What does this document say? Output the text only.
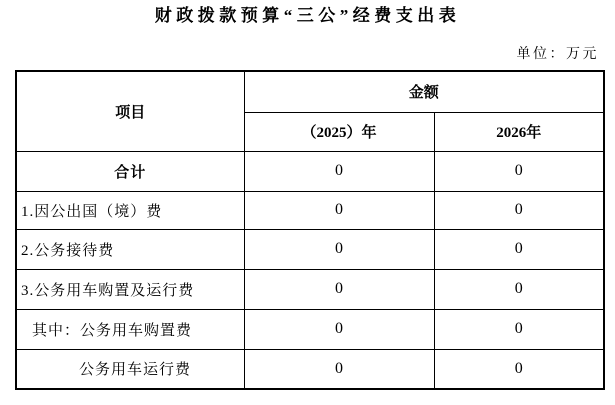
财政拨款预算“三公”经费支出表
单位：万元
项目	金额	
	（2025）年	2026年
合计	0	0
1.因公出国（境）费	0	0
2.公务接待费	0	0
3.公务用车购置及运行费	0	0
其中：公务用车购置费	0	0
公务用车运行费	0	0
